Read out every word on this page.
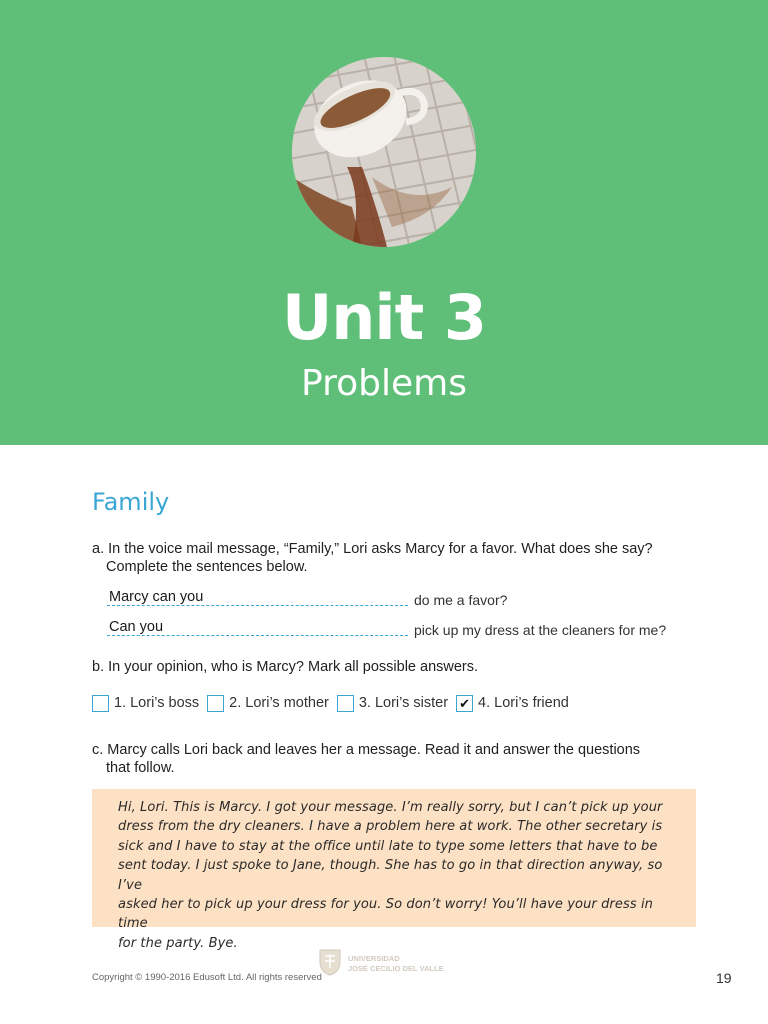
Unit 3
Problems
Family
a. In the voice mail message, “Family,” Lori asks Marcy for a favor. What does she say?
Complete the sentences below.
Marcy can you	do me a favor?
Can you	pick up my dress at the cleaners for me?
b. In your opinion, who is Marcy? Mark all possible answers.
1. Lori’s boss 2. Lori’s mother 3. Lori’s sister ✔ 4. Lori’s friend
c. Marcy calls Lori back and leaves her a message. Read it and answer the questions
that follow.
Hi, Lori. This is Marcy. I got your message. I’m really sorry, but I can’t pick up your
dress from the dry cleaners. I have a problem here at work. The other secretary is
sick and I have to stay at the office until late to type some letters that have to be
sent today. I just spoke to Jane, though. She has to go in that direction anyway, so I’ve
asked her to pick up your dress for you. So don’t worry! You’ll have your dress in time
for the party. Bye.
Copyright © 1990-2016 Edusoft Ltd. All rights reserved
UNIVERSIDAD
JOSÉ CECILIO DEL VALLE
19
